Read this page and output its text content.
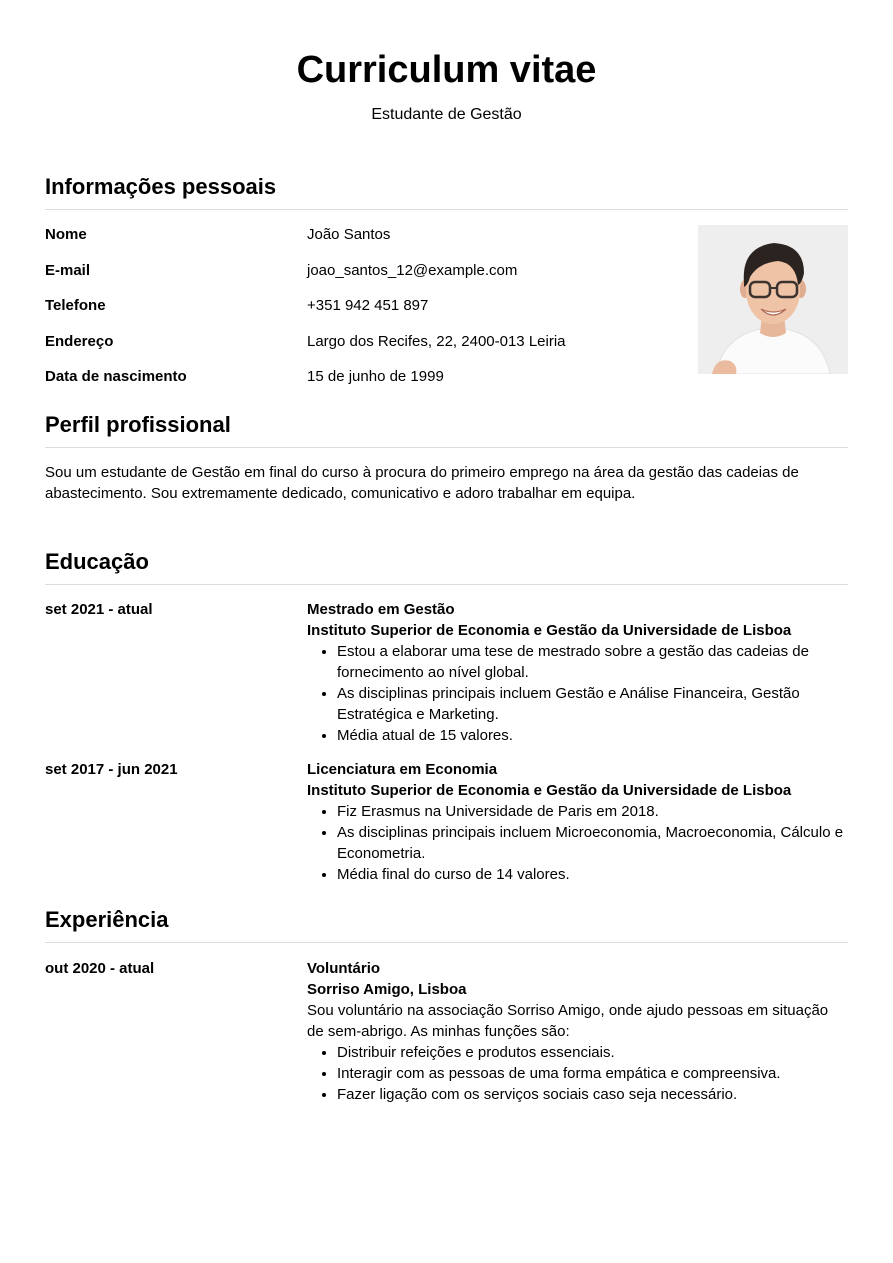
Curriculum vitae
Estudante de Gestão
Informações pessoais
Nome	João Santos
E-mail	joao_santos_12@example.com
Telefone	+351 942 451 897
Endereço	Largo dos Recifes, 22, 2400-013 Leiria
Data de nascimento	15 de junho de 1999
Perfil profissional
Sou um estudante de Gestão em final do curso à procura do primeiro emprego na área da gestão das cadeias de abastecimento. Sou extremamente dedicado, comunicativo e adoro trabalhar em equipa.
Educação
set 2021 - atual	Mestrado em Gestão
Instituto Superior de Economia e Gestão da Universidade de Lisboa
• Estou a elaborar uma tese de mestrado sobre a gestão das cadeias de fornecimento ao nível global.
• As disciplinas principais incluem Gestão e Análise Financeira, Gestão Estratégica e Marketing.
• Média atual de 15 valores.
set 2017 - jun 2021	Licenciatura em Economia
Instituto Superior de Economia e Gestão da Universidade de Lisboa
• Fiz Erasmus na Universidade de Paris em 2018.
• As disciplinas principais incluem Microeconomia, Macroeconomia, Cálculo e Econometria.
• Média final do curso de 14 valores.
Experiência
out 2020 - atual	Voluntário
Sorriso Amigo, Lisboa
Sou voluntário na associação Sorriso Amigo, onde ajudo pessoas em situação de sem-abrigo. As minhas funções são:
• Distribuir refeições e produtos essenciais.
• Interagir com as pessoas de uma forma empática e compreensiva.
• Fazer ligação com os serviços sociais caso seja necessário.
